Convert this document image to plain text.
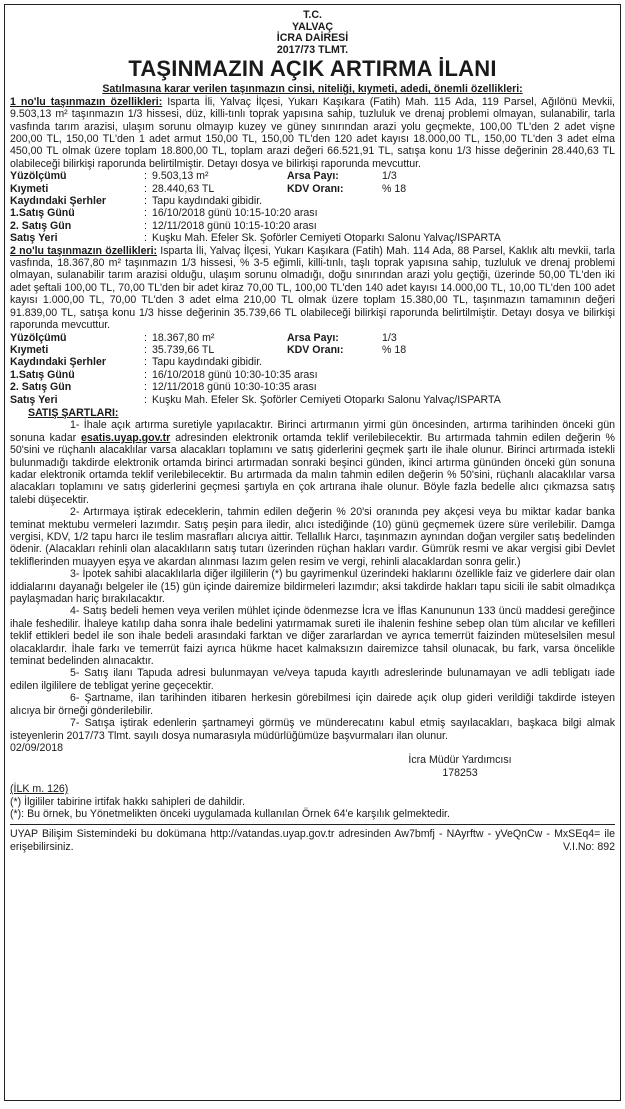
T.C.
YALVAÇ
İCRA DAİRESİ
2017/73 TLMT.
TAŞINMAZIN AÇIK ARTIRMA İLANI
Satılmasına karar verilen taşınmazın cinsi, niteliği, kıymeti, adedi, önemli özellikleri:

1 no'lu taşınmazın özellikleri: Isparta İli, Yalvaç İlçesi, Yukarı Kaşıkara (Fatih) Mah. 115 Ada, 119 Parsel, Ağılönü Mevkii, 9.503,13 m² taşınmazın 1/3 hissesi, düz, killi-tınlı toprak yapısına sahip, tuzluluk ve drenaj problemi olmayan, sulanabilir, tarla vasfında tarım arazisi, ulaşım sorunu olmayıp kuzey ve güney sınırından arazi yolu geçmekte, 100,00 TL'den 2 adet vişne 200,00 TL, 150,00 TL'den 1 adet armut 150,00 TL, 150,00 TL'den 120 adet kayısı 18.000,00 TL, 150,00 TL'den 3 adet elma 450,00 TL olmak üzere toplam 18.800,00 TL, toplam arazi değeri 66.521,91 TL, satışa konu 1/3 hisse değerinin 28.440,63 TL olabileceği bilirkişi raporunda belirtilmiştir. Detayı dosya ve bilirkişi raporunda mevcuttur.

Yüzölçümü	: 9.503,13 m²	Arsa Payı:	1/3
Kıymeti	: 28.440,63 TL	KDV Oranı:	% 18
Kaydındaki Şerhler	: Tapu kaydındaki gibidir.
1.Satış Günü	: 16/10/2018 günü 10:15-10:20 arası
2. Satış Gün	: 12/11/2018 günü 10:15-10:20 arası
Satış Yeri	: Kuşku Mah. Efeler Sk. Şoförler Cemiyeti Otoparkı Salonu Yalvaç/ISPARTA

2 no'lu taşınmazın özellikleri: Isparta İli, Yalvaç İlçesi, Yukarı Kaşıkara (Fatih) Mah. 114 Ada, 88 Parsel, Kaklık altı mevkii, tarla vasfında, 18.367,80 m² taşınmazın 1/3 hissesi, % 3-5 eğimli, killi-tınlı, taşlı toprak yapısına sahip, tuzluluk ve drenaj problemi olmayan, sulanabilir tarım arazisi olduğu, ulaşım sorunu olmadığı, doğu sınırından arazi yolu geçtiği, üzerinde 50,00 TL'den iki adet şeftali 100,00 TL, 70,00 TL'den bir adet kiraz 70,00 TL, 100,00 TL'den 140 adet kayısı 14.000,00 TL, 10,00 TL'den 100 adet kayısı 1.000,00 TL, 70,00 TL'den 3 adet elma 210,00 TL olmak üzere toplam 15.380,00 TL, taşınmazın tamamının değeri 91.839,00 TL, satışa konu 1/3 hisse değerinin 35.739,66 TL olabileceği bilirkişi raporunda belirtilmiştir. Detayı dosya ve bilirkişi raporunda mevcuttur.

Yüzölçümü	: 18.367,80 m²	Arsa Payı:	1/3
Kıymeti	: 35.739,66 TL	KDV Oranı:	% 18
Kaydındaki Şerhler	: Tapu kaydındaki gibidir.
1.Satış Günü	: 16/10/2018 günü 10:30-10:35 arası
2. Satış Gün	: 12/11/2018 günü 10:30-10:35 arası
Satış Yeri	: Kuşku Mah. Efeler Sk. Şoförler Cemiyeti Otoparkı Salonu Yalvaç/ISPARTA
SATIŞ ŞARTLARI:

1- İhale açık artırma suretiyle yapılacaktır. Birinci artırmanın yirmi gün öncesinden, artırma tarihinden önceki gün sonuna kadar esatis.uyap.gov.tr adresinden elektronik ortamda teklif verilebilecektir. Bu artırmada tahmin edilen değerin % 50'sini ve rüçhanlı alacaklılar varsa alacakları toplamını ve satış giderlerini geçmek şartı ile ihale olunur. Birinci artırmada istekli bulunmadığı takdirde elektronik ortamda birinci artırmadan sonraki beşinci günden, ikinci artırma gününden önceki gün sonuna kadar elektronik ortamda teklif verilebilecektir. Bu artırmada da malın tahmin edilen değerin % 50'sini, rüçhanlı alacaklılar varsa alacakları toplamını ve satış giderlerini geçmesi şartıyla en çok artırana ihale olunur. Böyle fazla bedelle alıcı çıkmazsa satış talebi düşecektir.

2- Artırmaya iştirak edeceklerin, tahmin edilen değerin % 20'si oranında pey akçesi veya bu miktar kadar banka teminat mektubu vermeleri lazımdır. Satış peşin para iledir, alıcı istediğinde (10) günü geçmemek üzere süre verilebilir. Damga vergisi, KDV, 1/2 tapu harcı ile teslim masrafları alıcıya aittir. Tellallık Harcı, taşınmazın aynından doğan vergiler satış bedelinden ödenir. (Alacakları rehinli olan alacaklıların satış tutarı üzerinden rüçhan hakları vardır. Gümrük resmi ve akar vergisi gibi Devlet tekliflerinden muayyen eşya ve akardan alınması lazım gelen resim ve vergi, rehinli alacaklardan sonra gelir.)

3- İpotek sahibi alacaklılarla diğer ilgililerin (*) bu gayrimenkul üzerindeki haklarını özellikle faiz ve giderlere dair olan iddialarını dayanağı belgeler ile (15) gün içinde dairemize bildirmeleri lazımdır; aksi takdirde hakları tapu sicili ile sabit olmadıkça paylaşmadan hariç bırakılacaktır.

4- Satış bedeli hemen veya verilen mühlet içinde ödenmezse İcra ve İflas Kanununun 133 üncü maddesi gereğince ihale feshedilir. İhaleye katılıp daha sonra ihale bedelini yatırmamak sureti ile ihalenin feshine sebep olan tüm alıcılar ve kefilleri teklif ettikleri bedel ile son ihale bedeli arasındaki farktan ve diğer zararlardan ve ayrıca temerrüt faizinden müteselsilen mesul olacaklardır. İhale farkı ve temerrüt faizi ayrıca hükme hacet kalmaksızın dairemizce tahsil olunacak, bu fark, varsa öncelikle teminat bedelinden alınacaktır.

5- Satış ilanı Tapuda adresi bulunmayan ve/veya tapuda kayıtlı adreslerinde bulunamayan ve adli tebligatı iade edilen ilgililere de tebligat yerine geçecektir.

6- Şartname, ilan tarihinden itibaren herkesin görebilmesi için dairede açık olup gideri verildiği takdirde isteyen alıcıya bir örneği gönderilebilir.

7- Satışa iştirak edenlerin şartnameyi görmüş ve münderecatını kabul etmiş sayılacakları, başkaca bilgi almak isteyenlerin 2017/73 Tlmt. sayılı dosya numarasıyla müdürlüğümüze başvurmaları ilan olunur.

02/09/2018

İcra Müdür Yardımcısı
178253
(İLK m. 126)
(*) İlgililer tabirine irtifak hakkı sahipleri de dahildir.
(*): Bu örnek, bu Yönetmelikten önceki uygulamada kullanılan Örnek 64'e karşılık gelmektedir.

UYAP Bilişim Sistemindeki bu dokümana http://vatandas.uyap.gov.tr adresinden Aw7bmfj - NAyrftw - yVeQnCw - MxSEq4= ile erişebilirsiniz.	V.I.No: 892
